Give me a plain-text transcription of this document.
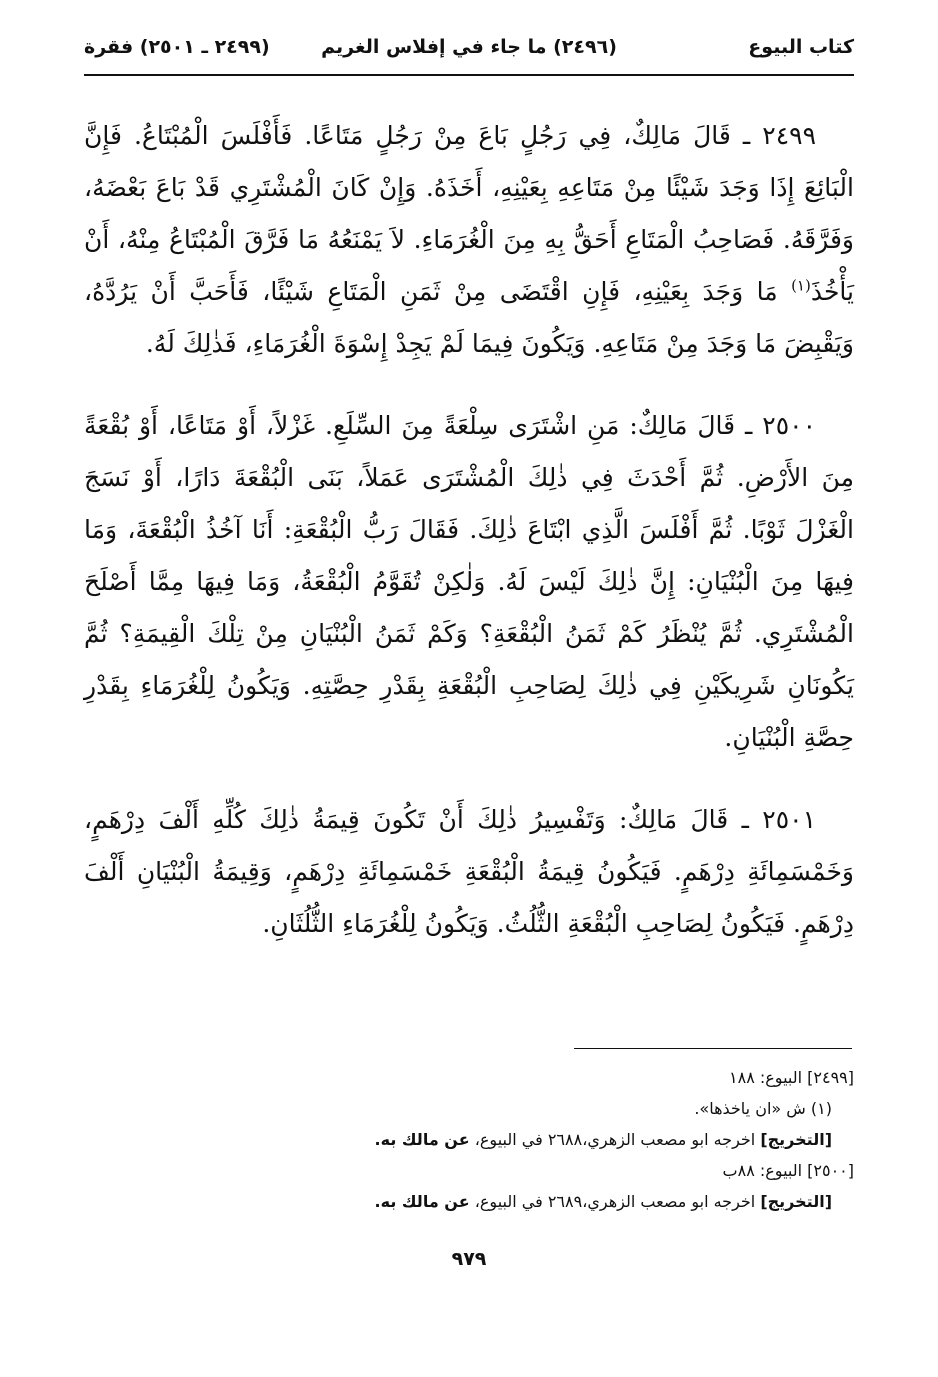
كتاب البيوع
(٢٤٩٦) ما جاء في إفلاس الغريم
(٢٤٩٩ ـ ٢٥٠١) فقرة

٢٤٩٩ ـ قَالَ مَالِكٌ، فِي رَجُلٍ بَاعَ مِنْ رَجُلٍ مَتَاعًا. فَأَفْلَسَ الْمُبْتَاعُ. فَإِنَّ الْبَائِعَ إِذَا وَجَدَ شَيْئًا مِنْ مَتَاعِهِ بِعَيْنِهِ، أَخَذَهُ. وَإِنْ كَانَ الْمُشْتَرِي قَدْ بَاعَ بَعْضَهُ، وَفَرَّقَهُ. فَصَاحِبُ الْمَتَاعِ أَحَقُّ بِهِ مِنَ الْغُرَمَاءِ. لاَ يَمْنَعُهُ مَا فَرَّقَ الْمُبْتَاعُ مِنْهُ، أَنْ يَأْخُذَ$^{(١)}$ مَا وَجَدَ بِعَيْنِهِ، فَإِنِ اقْتَضَى مِنْ ثَمَنِ الْمَتَاعِ شَيْئًا، فَأَحَبَّ أَنْ يَرُدَّهُ، وَيَقْبِضَ مَا وَجَدَ مِنْ مَتَاعِهِ. وَيَكُونَ فِيمَا لَمْ يَجِدْ إِسْوَةَ الْغُرَمَاءِ، فَذٰلِكَ لَهُ.

٢٥٠٠ ـ قَالَ مَالِكٌ: مَنِ اشْتَرَى سِلْعَةً مِنَ السِّلَعِ. غَزْلاً، أَوْ مَتَاعًا، أَوْ بُقْعَةً مِنَ الأَرْضِ. ثُمَّ أَحْدَثَ فِي ذٰلِكَ الْمُشْتَرَى عَمَلاً، بَنَى الْبُقْعَةَ دَارًا، أَوْ نَسَجَ الْغَزْلَ ثَوْبًا. ثُمَّ أَفْلَسَ الَّذِي ابْتَاعَ ذٰلِكَ. فَقَالَ رَبُّ الْبُقْعَةِ: أَنَا آخُذُ الْبُقْعَةَ، وَمَا فِيهَا مِنَ الْبُنْيَانِ: إِنَّ ذٰلِكَ لَيْسَ لَهُ. وَلٰكِنْ تُقَوَّمُ الْبُقْعَةُ، وَمَا فِيهَا مِمَّا أَصْلَحَ الْمُشْتَرِي. ثُمَّ يُنْظَرُ كَمْ ثَمَنُ الْبُقْعَةِ؟ وَكَمْ ثَمَنُ الْبُنْيَانِ مِنْ تِلْكَ الْقِيمَةِ؟ ثُمَّ يَكُونَانِ شَرِيكَيْنِ فِي ذٰلِكَ لِصَاحِبِ الْبُقْعَةِ بِقَدْرِ حِصَّتِهِ. وَيَكُونُ لِلْغُرَمَاءِ بِقَدْرِ حِصَّةِ الْبُنْيَانِ.

٢٥٠١ ـ قَالَ مَالِكٌ: وَتَفْسِيرُ ذٰلِكَ أَنْ تَكُونَ قِيمَةُ ذٰلِكَ كُلِّهِ أَلْفَ دِرْهَمٍ، وَخَمْسَمِائَةِ دِرْهَمٍ. فَيَكُونُ قِيمَةُ الْبُقْعَةِ خَمْسَمِائَةِ دِرْهَمٍ، وَقِيمَةُ الْبُنْيَانِ أَلْفَ دِرْهَمٍ. فَيَكُونُ لِصَاحِبِ الْبُقْعَةِ الثُّلُثُ. وَيَكُونُ لِلْغُرَمَاءِ الثُّلُثَانِ.

[٢٤٩٩] البيوع: ١٨٨
(١) ش «ان ياخذها».
[التخريج] اخرجه ابو مصعب الزهري،٢٦٨٨ في البيوع، عن مالك به.
[٢٥٠٠] البيوع: ٨٨ب
[التخريج] اخرجه ابو مصعب الزهري،٢٦٨٩ في البيوع، عن مالك به.
٩٧٩
